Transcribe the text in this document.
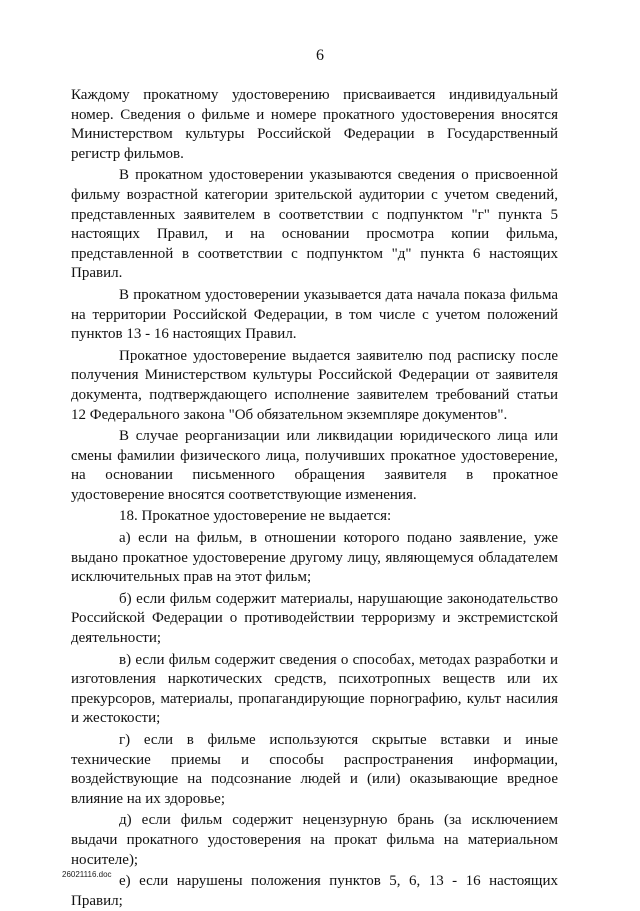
6

Каждому прокатному удостоверению присваивается индивидуальный номер. Сведения о фильме и номере прокатного удостоверения вносятся Министерством культуры Российской Федерации в Государственный регистр фильмов.

В прокатном удостоверении указываются сведения о присвоенной фильму возрастной категории зрительской аудитории с учетом сведений, представленных заявителем в соответствии с подпунктом "г" пункта 5 настоящих Правил, и на основании просмотра копии фильма, представленной в соответствии с подпунктом "д" пункта 6 настоящих Правил.

В прокатном удостоверении указывается дата начала показа фильма на территории Российской Федерации, в том числе с учетом положений пунктов 13 - 16 настоящих Правил.

Прокатное удостоверение выдается заявителю под расписку после получения Министерством культуры Российской Федерации от заявителя документа, подтверждающего исполнение заявителем требований статьи 12 Федерального закона "Об обязательном экземпляре документов".

В случае реорганизации или ликвидации юридического лица или смены фамилии физического лица, получивших прокатное удостоверение, на основании письменного обращения заявителя в прокатное удостоверение вносятся соответствующие изменения.

18. Прокатное удостоверение не выдается:

а) если на фильм, в отношении которого подано заявление, уже выдано прокатное удостоверение другому лицу, являющемуся обладателем исключительных прав на этот фильм;

б) если фильм содержит материалы, нарушающие законодательство Российской Федерации о противодействии терроризму и экстремистской деятельности;

в) если фильм содержит сведения о способах, методах разработки и изготовления наркотических средств, психотропных веществ или их прекурсоров, материалы, пропагандирующие порнографию, культ насилия и жестокости;

г) если в фильме используются скрытые вставки и иные технические приемы и способы распространения информации, воздействующие на подсознание людей и (или) оказывающие вредное влияние на их здоровье;

д) если фильм содержит нецензурную брань (за исключением выдачи прокатного удостоверения на прокат фильма на материальном носителе);

е) если нарушены положения пунктов 5, 6, 13 - 16 настоящих Правил;

26021116.doc
